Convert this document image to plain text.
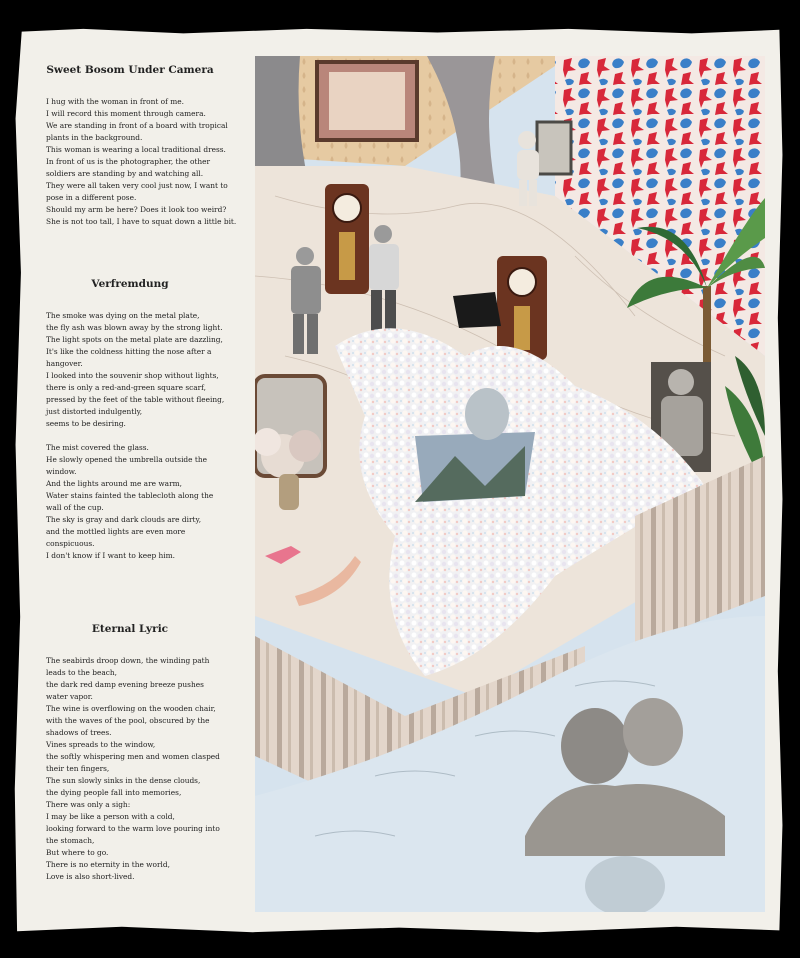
Sweet Bosom Under Camera

I hug with the woman in front of me.
I will record this moment through camera.
We are standing in front of a board with tropical
plants in the background.
This woman is wearing a local traditional dress.
In front of us is the photographer, the other
soldiers are standing by and watching all.
They were all taken very cool just now, I want to
pose in a different pose.
Should my arm be here? Does it look too weird?
She is not too tall, I have to squat down a little bit.

Verfremdung

The smoke was dying on the metal plate,
the fly ash was blown away by the strong light.
The light spots on the metal plate are dazzling,
It's like the coldness hitting the nose after a
hangover.
I looked into the souvenir shop without lights,
there is only a red-and-green square scarf,
pressed by the feet of the table without fleeing,
just distorted indulgently,
seems to be desiring.
The mist covered the glass.
He slowly opened the umbrella outside the
window.
And the lights around me are warm,
Water stains fainted the tablecloth along the
wall of the cup.
The sky is gray and dark clouds are dirty,
and the mottled lights are even more
conspicuous.
I don't know if I want to keep him.

Eternal Lyric

The seabirds droop down, the winding path
leads to the beach,
the dark red damp evening breeze pushes
water vapor.
The wine is overflowing on the wooden chair,
with the waves of the pool, obscured by the
shadows of trees.
Vines spreads to the window,
the softly whispering men and women clasped
their ten fingers,
The sun slowly sinks in the dense clouds,
the dying people fall into memories,
There was only a sigh:
I may be like a person with a cold,
looking forward to the warm love pouring into
the stomach,
But where to go.
There is no eternity in the world,
Love is also short-lived.
